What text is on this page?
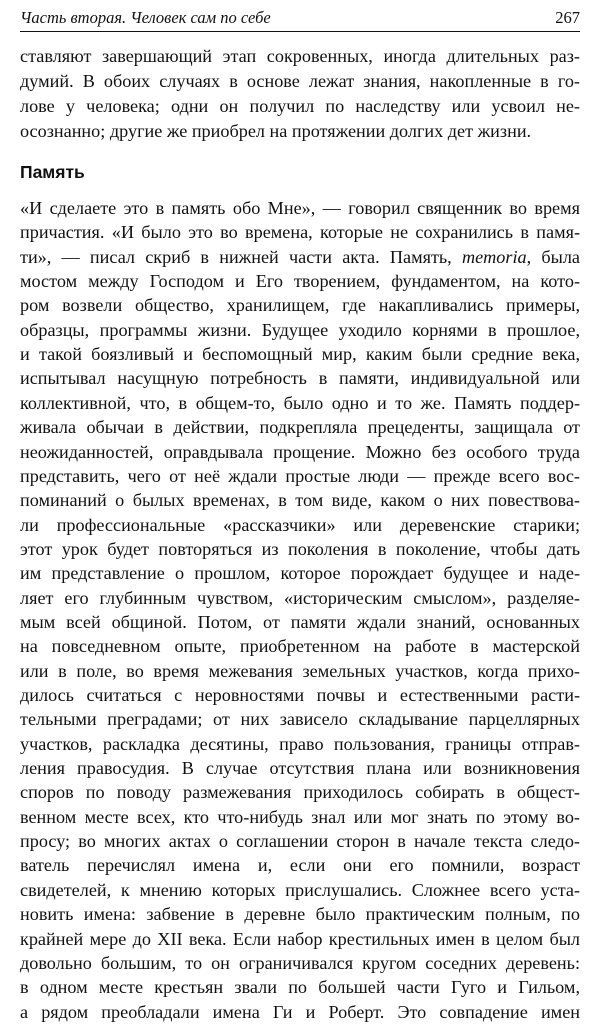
Часть вторая. Человек сам по себе	267
ставляют завершающий этап сокровенных, иногда длительных раз-
думий. В обоих случаях в основе лежат знания, накопленные в го-
лове у человека; одни он получил по наследству или усвоил не-
осознанно; другие же приобрел на протяжении долгих дет жизни.
Память
«И сделаете это в память обо Мне», — говорил священник во время
причастия. «И было это во времена, которые не сохранились в памя-
ти», — писал скриб в нижней части акта. Память, memoria, была
мостом между Господом и Его творением, фундаментом, на кото-
ром возвели общество, хранилищем, где накапливались примеры,
образцы, программы жизни. Будущее уходило корнями в прошлое,
и такой боязливый и беспомощный мир, каким были средние века,
испытывал насущную потребность в памяти, индивидуальной или
коллективной, что, в общем-то, было одно и то же. Память поддер-
живала обычаи в действии, подкрепляла прецеденты, защищала от
неожиданностей, оправдывала прощение. Можно без особого труда
представить, чего от неё ждали простые люди — прежде всего вос-
поминаний о былых временах, в том виде, каком о них повествова-
ли профессиональные «рассказчики» или деревенские старики;
этот урок будет повторяться из поколения в поколение, чтобы дать
им представление о прошлом, которое порождает будущее и наде-
ляет его глубинным чувством, «историческим смыслом», разделяе-
мым всей общиной. Потом, от памяти ждали знаний, основанных
на повседневном опыте, приобретенном на работе в мастерской
или в поле, во время межевания земельных участков, когда прихо-
дилось считаться с неровностями почвы и естественными расти-
тельными преградами; от них зависело складывание парцеллярных
участков, раскладка десятины, право пользования, границы отправ-
ления правосудия. В случае отсутствия плана или возникновения
споров по поводу размежевания приходилось собирать в общест-
венном месте всех, кто что-нибудь знал или мог знать по этому во-
просу; во многих актах о соглашении сторон в начале текста следо-
ватель перечислял имена и, если они его помнили, возраст
свидетелей, к мнению которых прислушались. Сложнее всего уста-
новить имена: забвение в деревне было практическим полным, по
крайней мере до XII века. Если набор крестильных имен в целом был
довольно большим, то он ограничивался кругом соседних деревень:
в одном месте крестьян звали по большей части Гуго и Гильом,
а рядом преобладали имена Ги и Роберт. Это совпадение имен
